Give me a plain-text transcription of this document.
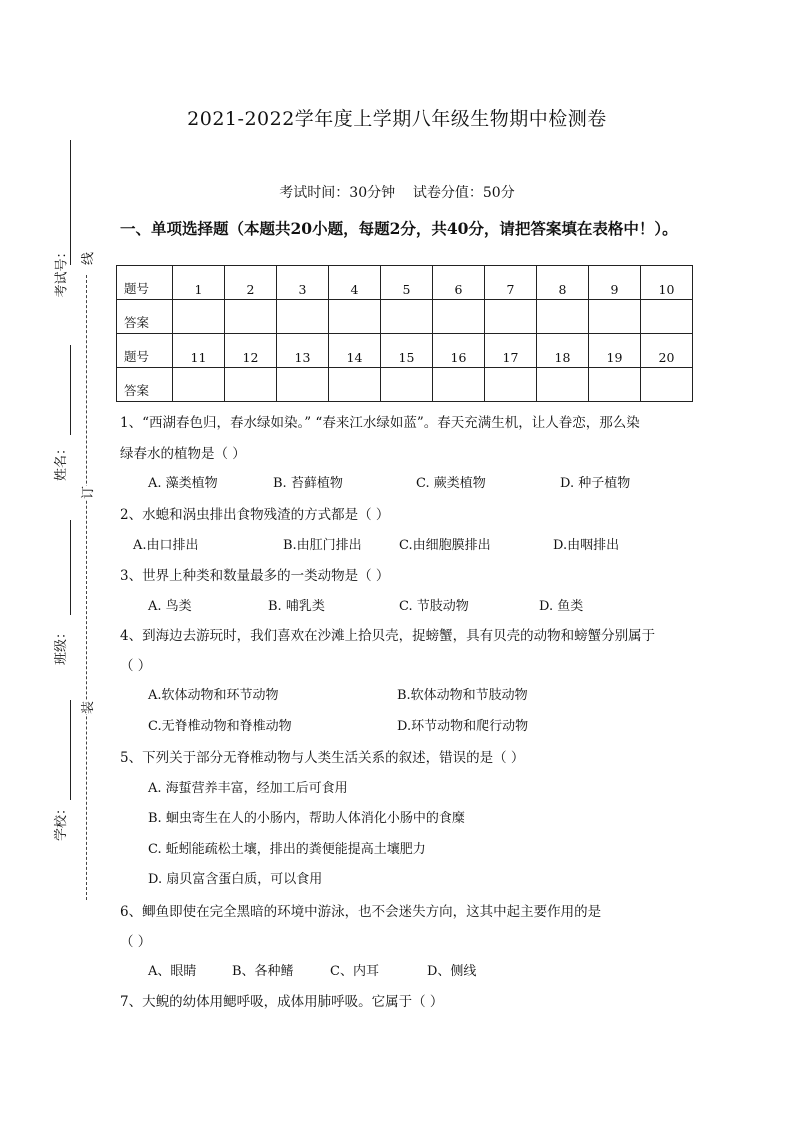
考试号：
姓名：
班级：
学校：
线
订
装
2021-2022学年度上学期八年级生物期中检测卷
考试时间：30分钟    试卷分值：50分
一、单项选择题（本题共20小题，每题2分，共40分，请把答案填在表格中！）。
题号	1	2	3	4	5	6	7	8	9	10
答案										
题号	11	12	13	14	15	16	17	18	19	20
答案										
1、“西湖春色归，春水绿如染。” “春来江水绿如蓝”。春天充满生机，让人眷恋，那么染
绿春水的植物是（ ）
A. 藻类植物	B. 苔藓植物	C. 蕨类植物	D. 种子植物
2、水螅和涡虫排出食物残渣的方式都是（ ）
A.由口排出	B.由肛门排出	C.由细胞膜排出	D.由咽排出
3、世界上种类和数量最多的一类动物是（ ）
A. 鸟类	B. 哺乳类	C. 节肢动物	D. 鱼类
4、到海边去游玩时，我们喜欢在沙滩上拾贝壳，捉螃蟹，具有贝壳的动物和螃蟹分别属于
（ ）
A.软体动物和环节动物	B.软体动物和节肢动物
C.无脊椎动物和脊椎动物	D.环节动物和爬行动物
5、下列关于部分无脊椎动物与人类生活关系的叙述，错误的是（ ）
A. 海蜇营养丰富，经加工后可食用
B. 蛔虫寄生在人的小肠内，帮助人体消化小肠中的食糜
C. 蚯蚓能疏松土壤，排出的粪便能提高土壤肥力
D. 扇贝富含蛋白质，可以食用
6、鲫鱼即使在完全黑暗的环境中游泳，也不会迷失方向，这其中起主要作用的是
（ ）
A、眼睛	B、各种鳍	C、内耳	D、侧线
7、大鲵的幼体用鳃呼吸，成体用肺呼吸。它属于（ ）
